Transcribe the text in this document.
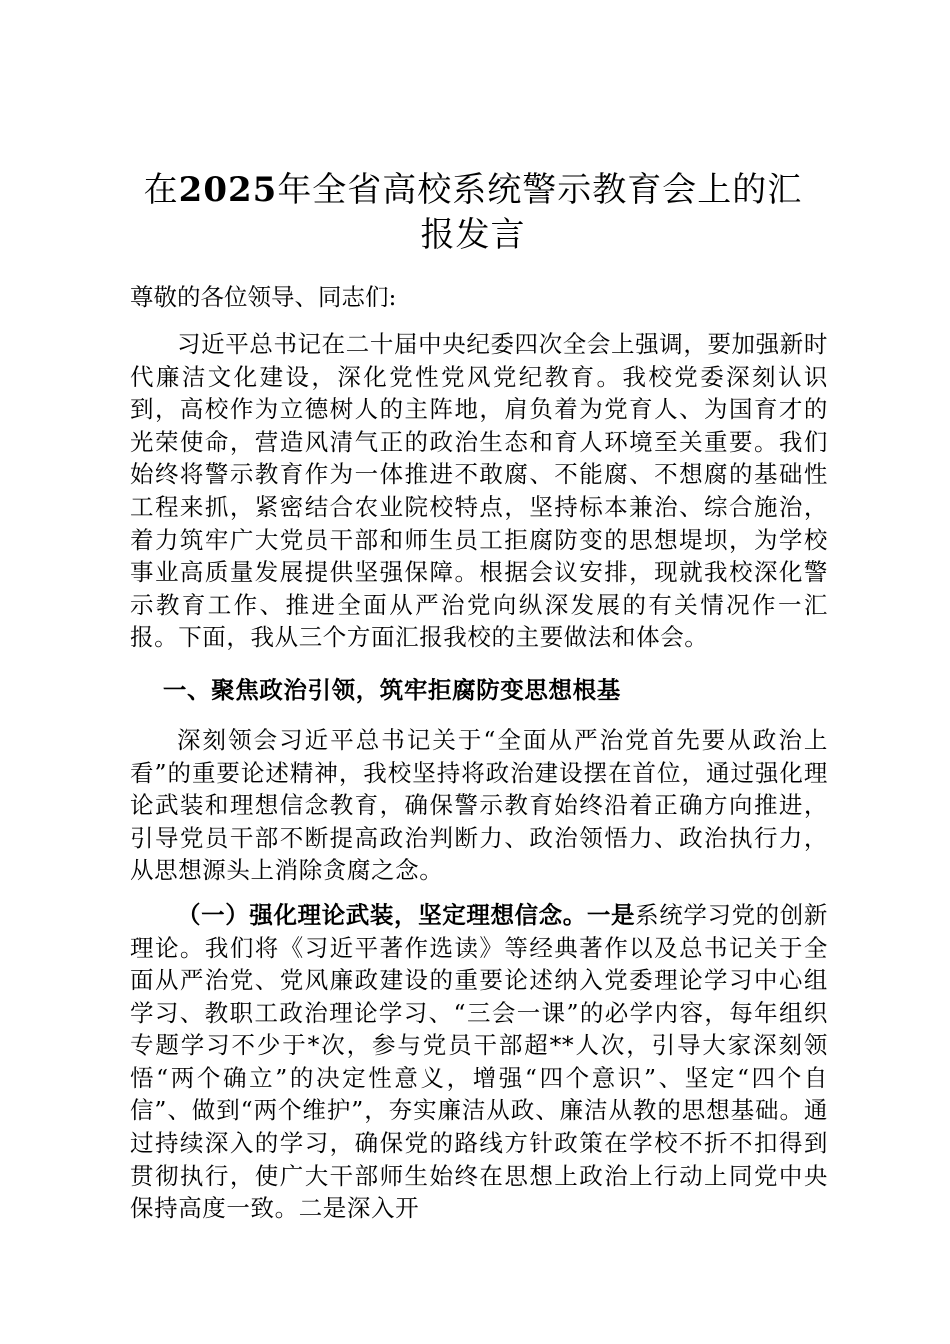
在2025年全省高校系统警示教育会上的汇报发言

尊敬的各位领导、同志们:

习近平总书记在二十届中央纪委四次全会上强调，要加强新时代廉洁文化建设，深化党性党风党纪教育。我校党委深刻认识到，高校作为立德树人的主阵地，肩负着为党育人、为国育才的光荣使命，营造风清气正的政治生态和育人环境至关重要。我们始终将警示教育作为一体推进不敢腐、不能腐、不想腐的基础性工程来抓，紧密结合农业院校特点，坚持标本兼治、综合施治，着力筑牢广大党员干部和师生员工拒腐防变的思想堤坝，为学校事业高质量发展提供坚强保障。根据会议安排，现就我校深化警示教育工作、推进全面从严治党向纵深发展的有关情况作一汇报。下面，我从三个方面汇报我校的主要做法和体会。

一、聚焦政治引领，筑牢拒腐防变思想根基

深刻领会习近平总书记关于“全面从严治党首先要从政治上看”的重要论述精神，我校坚持将政治建设摆在首位，通过强化理论武装和理想信念教育，确保警示教育始终沿着正确方向推进，引导党员干部不断提高政治判断力、政治领悟力、政治执行力，从思想源头上消除贪腐之念。

（一）强化理论武装，坚定理想信念。一是系统学习党的创新理论。我们将《习近平著作选读》等经典著作以及总书记关于全面从严治党、党风廉政建设的重要论述纳入党委理论学习中心组学习、教职工政治理论学习、“三会一课”的必学内容，每年组织专题学习不少于*次，参与党员干部超**人次，引导大家深刻领悟“两个确立”的决定性意义，增强“四个意识”、坚定“四个自信”、做到“两个维护”，夯实廉洁从政、廉洁从教的思想基础。通过持续深入的学习，确保党的路线方针政策在学校不折不扣得到贯彻执行，使广大干部师生始终在思想上政治上行动上同党中央保持高度一致。二是深入开
